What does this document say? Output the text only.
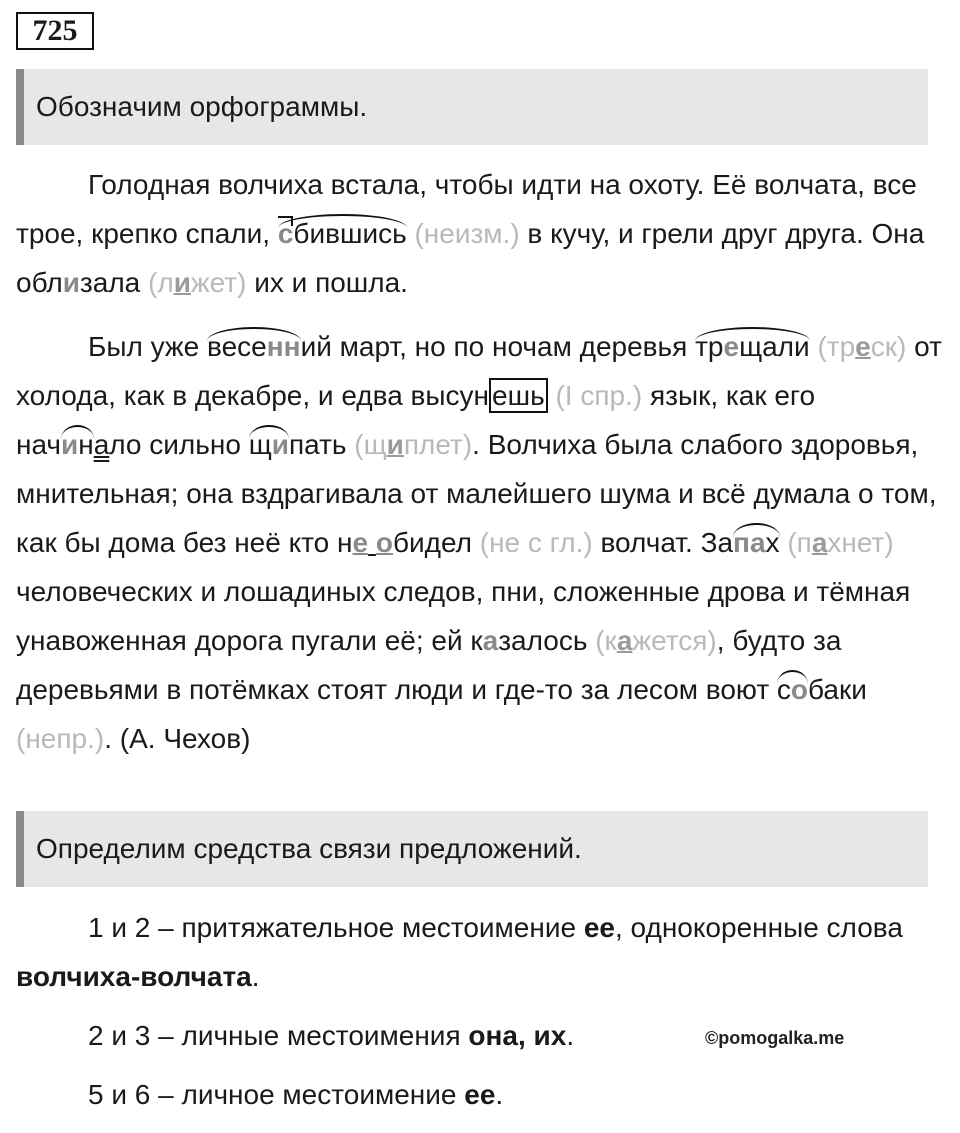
725
Обозначим орфограммы.

Голодная волчиха встала, чтобы идти на охоту. Её волчата, все трое, крепко спали, сбившись (неизм.) в кучу, и грели друг друга. Она облизала (лижет) их и пошла.

Был уже весенний март, но по ночам деревья трещали (треск) от холода, как в декабре, и едва высун ешь (I спр.) язык, как его начинало сильно щипать (щиплет). Волчиха была слабого здоровья, мнительная; она вздрагивала от малейшего шума и всё думала о том, как бы дома без неё кто не обидел (не с гл.) волчат. Запах (пахнет) человеческих и лошадиных следов, пни, сложенные дрова и тёмная унавоженная дорога пугали её; ей казалось (кажется), будто за деревьями в потёмках стоят люди и где-то за лесом воют собаки (непр.). (А. Чехов)

Определим средства связи предложений.

1 и 2 – притяжательное местоимение ее, однокоренные слова волчиха-волчата.

2 и 3 – личные местоимения она, их.

5 и 6 – личное местоимение ее.

©pomogalka.me
